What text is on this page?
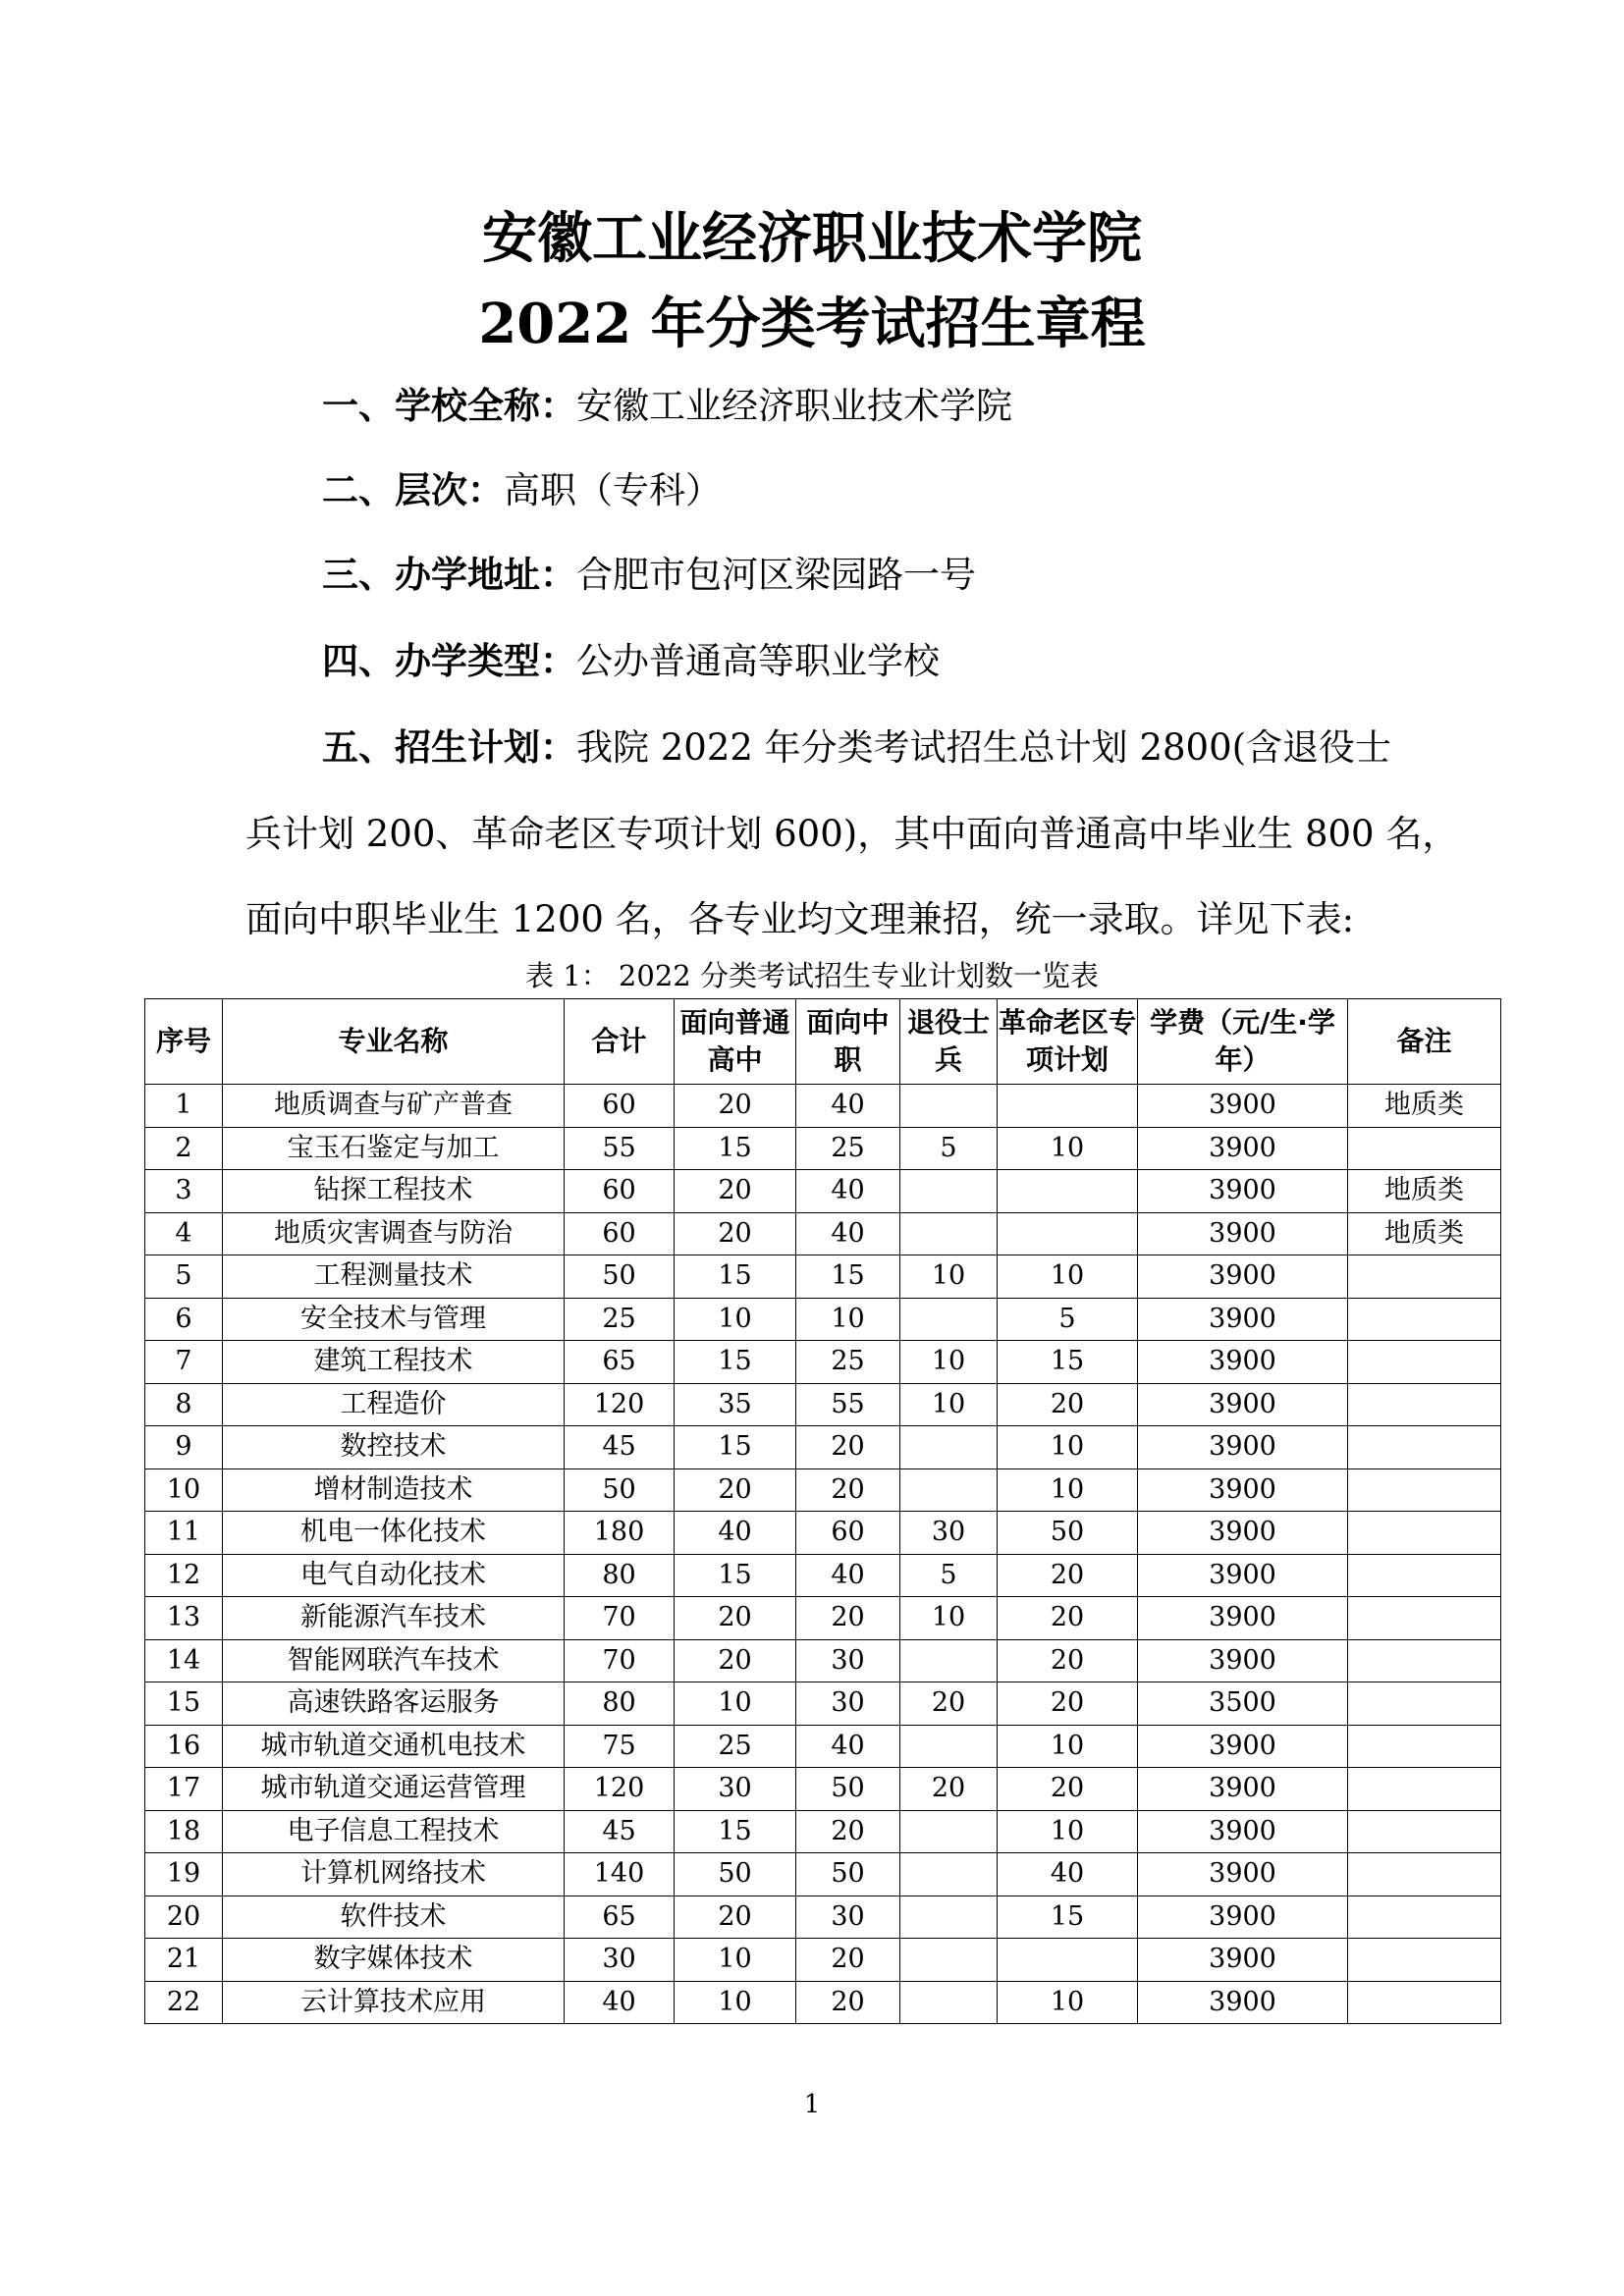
安徽工业经济职业技术学院
2022 年分类考试招生章程
一、学校全称：安徽工业经济职业技术学院
二、层次：高职（专科）
三、办学地址：合肥市包河区梁园路一号
四、办学类型：公办普通高等职业学校
五、招生计划：我院 2022 年分类考试招生总计划 2800(含退役士
兵计划 200、革命老区专项计划 600)，其中面向普通高中毕业生 800 名，
面向中职毕业生 1200 名，各专业均文理兼招，统一录取。详见下表:
表 1： 2022 分类考试招生专业计划数一览表
序号	专业名称	合计	面向普通高中	面向中职	退役士兵	革命老区专项计划	学费（元/生·学年）	备注
1	地质调查与矿产普查	60	20	40			3900	地质类
2	宝玉石鉴定与加工	55	15	25	5	10	3900	
3	钻探工程技术	60	20	40			3900	地质类
4	地质灾害调查与防治	60	20	40			3900	地质类
5	工程测量技术	50	15	15	10	10	3900	
6	安全技术与管理	25	10	10		5	3900	
7	建筑工程技术	65	15	25	10	15	3900	
8	工程造价	120	35	55	10	20	3900	
9	数控技术	45	15	20		10	3900	
10	增材制造技术	50	20	20		10	3900	
11	机电一体化技术	180	40	60	30	50	3900	
12	电气自动化技术	80	15	40	5	20	3900	
13	新能源汽车技术	70	20	20	10	20	3900	
14	智能网联汽车技术	70	20	30		20	3900	
15	高速铁路客运服务	80	10	30	20	20	3500	
16	城市轨道交通机电技术	75	25	40		10	3900	
17	城市轨道交通运营管理	120	30	50	20	20	3900	
18	电子信息工程技术	45	15	20		10	3900	
19	计算机网络技术	140	50	50		40	3900	
20	软件技术	65	20	30		15	3900	
21	数字媒体技术	30	10	20			3900	
22	云计算技术应用	40	10	20		10	3900	
1
